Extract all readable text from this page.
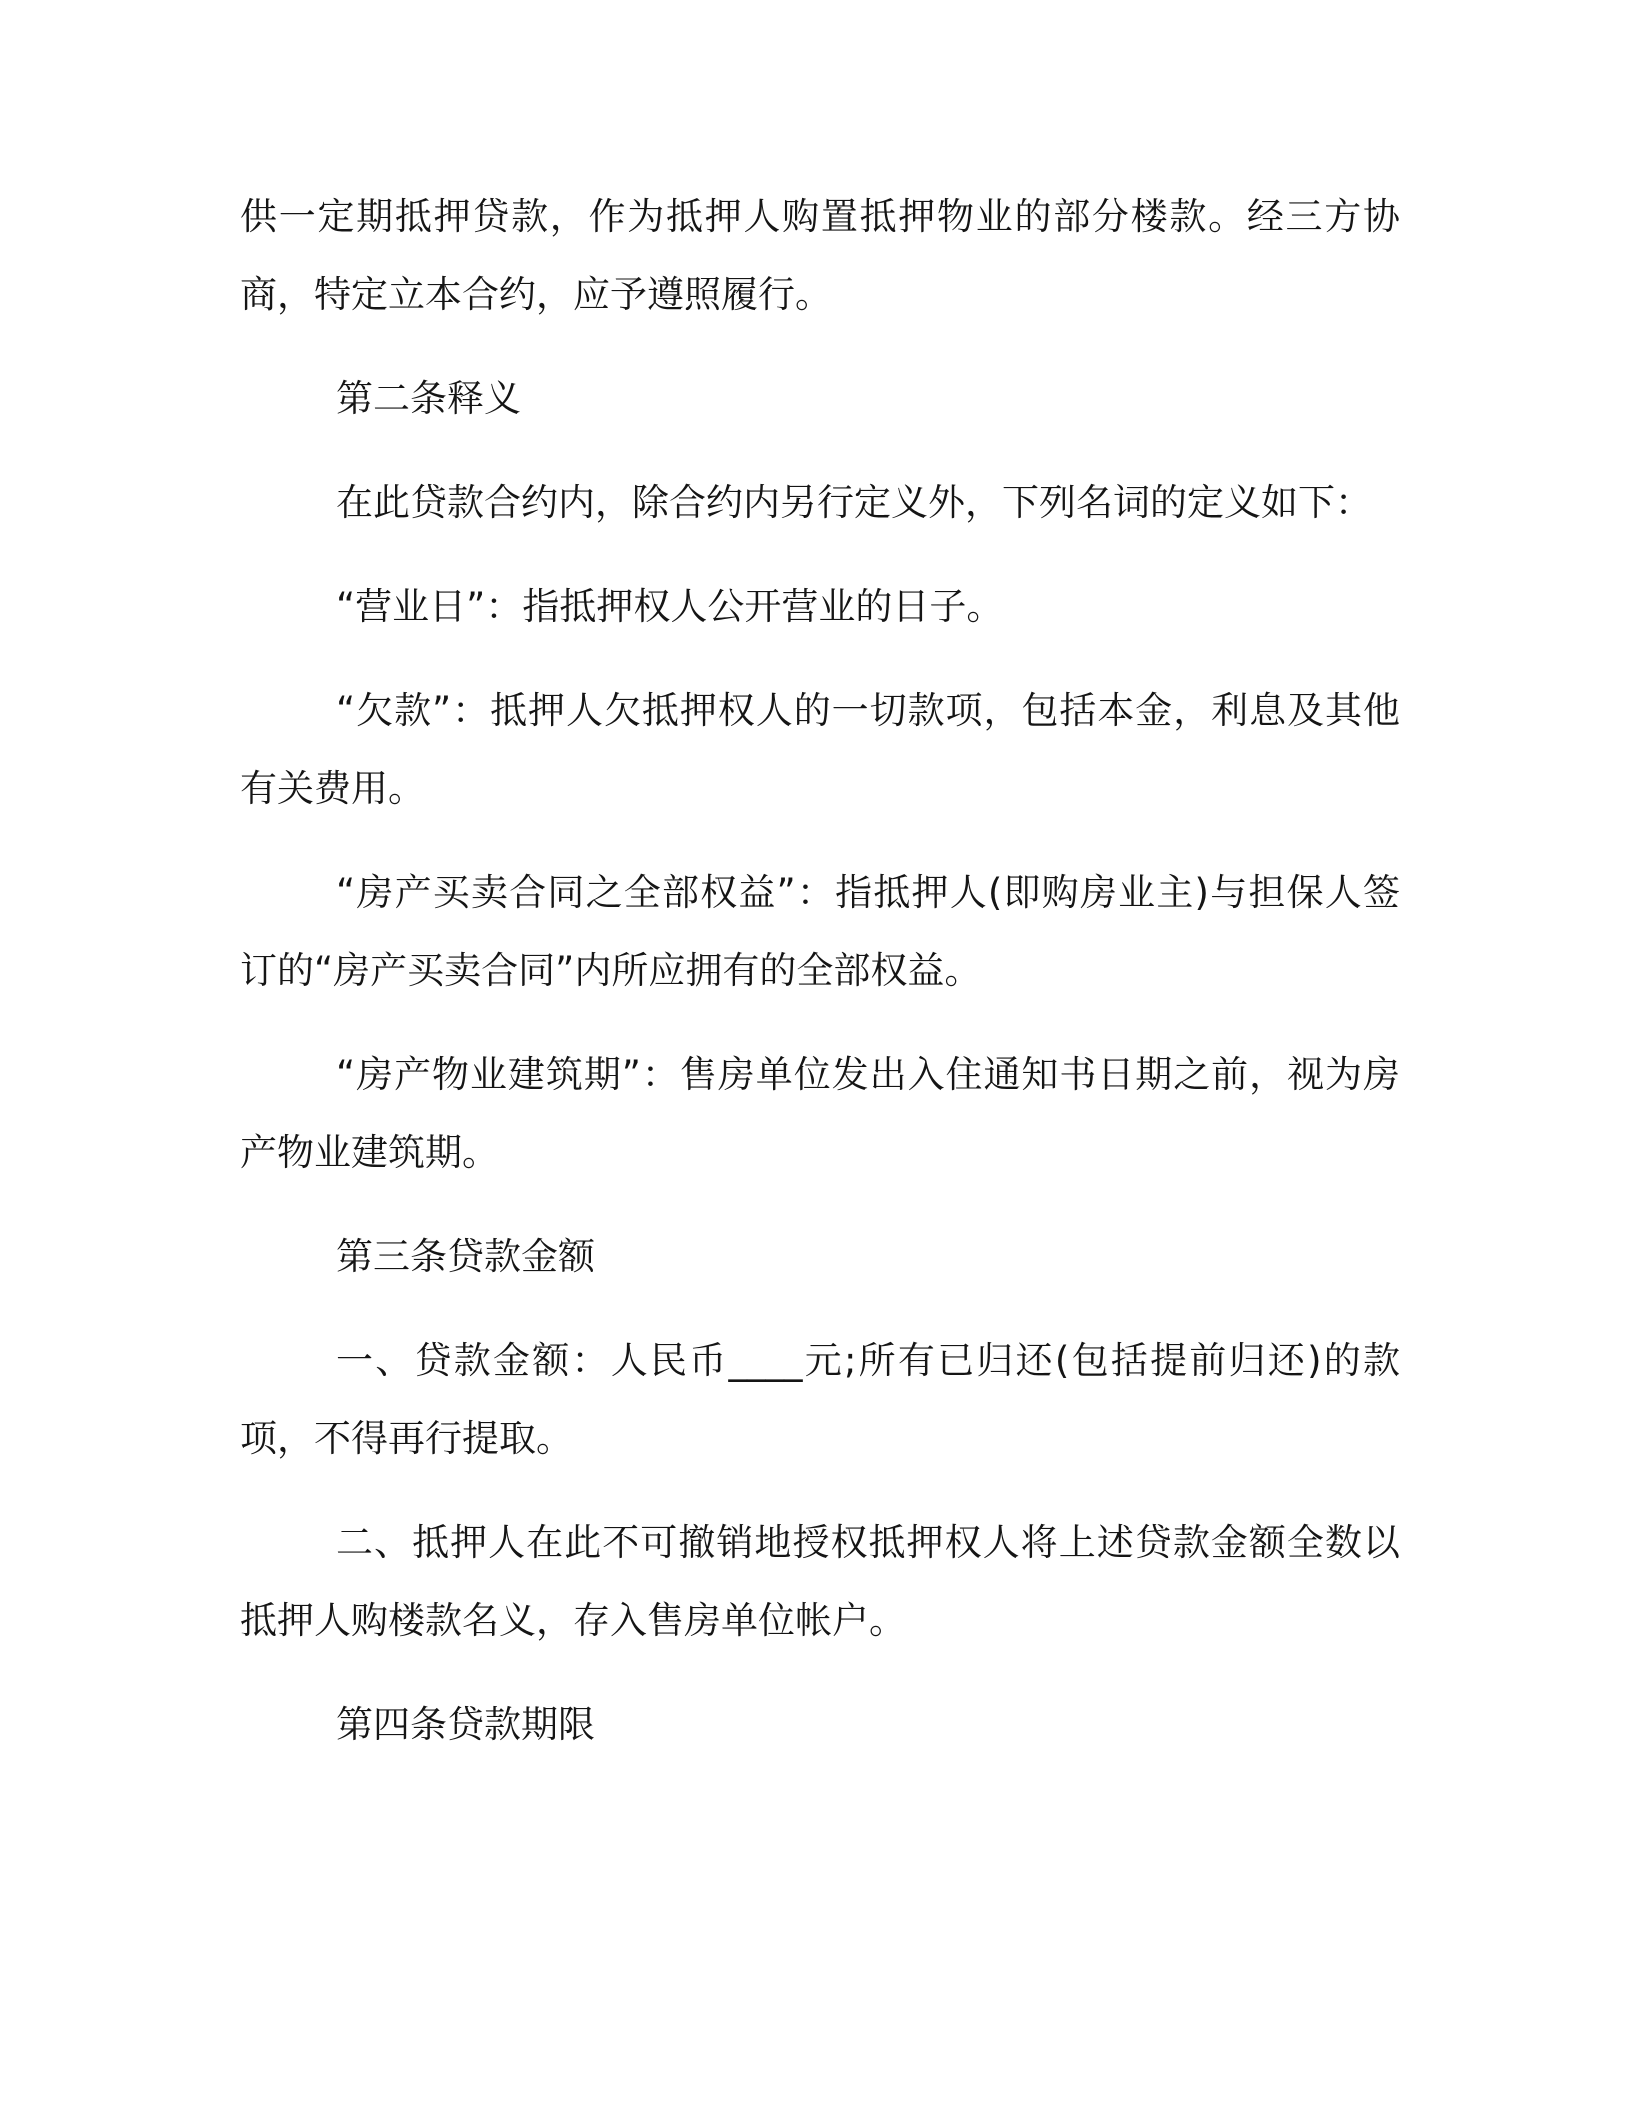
供一定期抵押贷款，作为抵押人购置抵押物业的部分楼款。经三方协商，特定立本合约，应予遵照履行。

第二条释义

在此贷款合约内，除合约内另行定义外，下列名词的定义如下：

“营业日”：指抵押权人公开营业的日子。

“欠款”：抵押人欠抵押权人的一切款项，包括本金，利息及其他有关费用。

“房产买卖合同之全部权益”：指抵押人(即购房业主)与担保人签订的“房产买卖合同”内所应拥有的全部权益。

“房产物业建筑期”：售房单位发出入住通知书日期之前，视为房产物业建筑期。

第三条贷款金额

一、贷款金额：人民币____元;所有已归还(包括提前归还)的款项，不得再行提取。

二、抵押人在此不可撤销地授权抵押权人将上述贷款金额全数以抵押人购楼款名义，存入售房单位帐户。

第四条贷款期限
